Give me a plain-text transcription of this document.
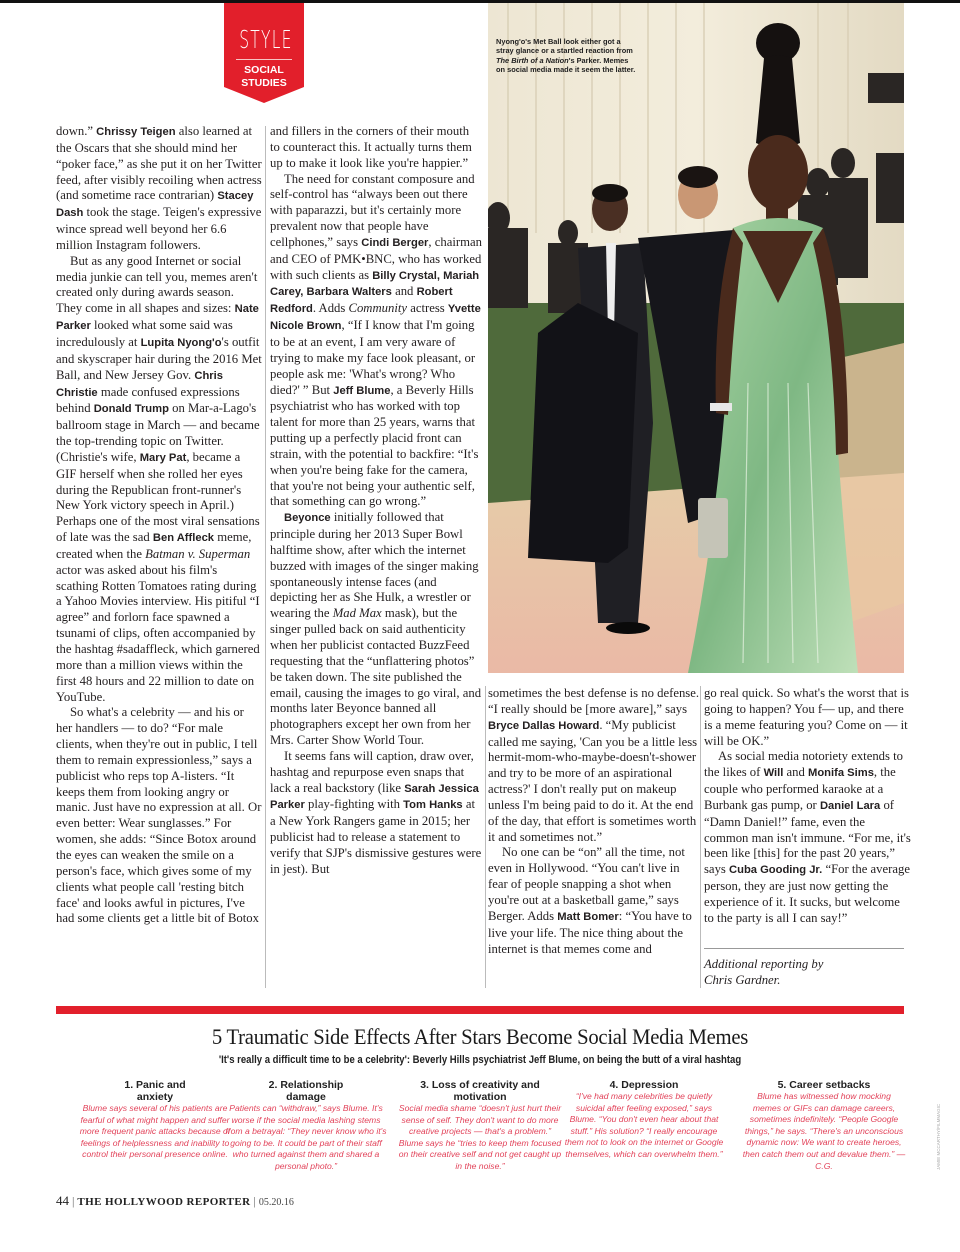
STYLE
SOCIAL STUDIES
Nyong'o's Met Ball look either got a stray glance or a startled reaction from The Birth of a Nation's Parker. Memes on social media made it seem the latter.

down.” Chrissy Teigen also learned at the Oscars that she should mind her “poker face,” as she put it on her Twitter feed, after visibly recoiling when actress (and sometime race contrarian) Stacey Dash took the stage. Teigen's expressive wince spread well beyond her 6.6 million Instagram followers.

But as any good Internet or social media junkie can tell you, memes aren't created only during awards season. They come in all shapes and sizes: Nate Parker looked what some said was incredulously at Lupita Nyong'o's outfit and skyscraper hair during the 2016 Met Ball, and New Jersey Gov. Chris Christie made confused expressions behind Donald Trump on Mar-a-Lago's ballroom stage in March — and became the top-trending topic on Twitter. (Christie's wife, Mary Pat, became a GIF herself when she rolled her eyes during the Republican front-runner's New York victory speech in April.) Perhaps one of the most viral sensations of late was the sad Ben Affleck meme, created when the Batman v. Superman actor was asked about his film's scathing Rotten Tomatoes rating during a Yahoo Movies interview. His pitiful “I agree” and forlorn face spawned a tsunami of clips, often accompanied by the hashtag #sadaffleck, which garnered more than a million views within the first 48 hours and 22 million to date on YouTube.

So what's a celebrity — and his or her handlers — to do? “For male clients, when they're out in public, I tell them to remain expressionless,” says a publicist who reps top A-listers. “It keeps them from looking angry or manic. Just have no expression at all. Or even better: Wear sunglasses.” For women, she adds: “Since Botox around the eyes can weaken the smile on a person's face, which gives some of my clients what people call 'resting bitch face' and looks awful in pictures, I've had some clients get a little bit of Botox

and fillers in the corners of their mouth to counteract this. It actually turns them up to make it look like you're happier.”

The need for constant composure and self-control has “always been out there with paparazzi, but it's certainly more prevalent now that people have cellphones,” says Cindi Berger, chairman and CEO of PMK•BNC, who has worked with such clients as Billy Crystal, Mariah Carey, Barbara Walters and Robert Redford. Adds Community actress Yvette Nicole Brown, “If I know that I'm going to be at an event, I am very aware of trying to make my face look pleasant, or people ask me: 'What's wrong? Who died?' ” But Jeff Blume, a Beverly Hills psychiatrist who has worked with top talent for more than 25 years, warns that putting up a perfectly placid front can strain, with the potential to backfire: “It's when you're being fake for the camera, that you're not being your authentic self, that something can go wrong.”

Beyonce initially followed that principle during her 2013 Super Bowl halftime show, after which the internet buzzed with images of the singer making spontaneously intense faces (and depicting her as She Hulk, a wrestler or wearing the Mad Max mask), but the singer pulled back on said authenticity when her publicist contacted BuzzFeed requesting that the “unflattering photos” be taken down. The site published the email, causing the images to go viral, and months later Beyonce banned all photographers except her own from her Mrs. Carter Show World Tour.

It seems fans will caption, draw over, hashtag and repurpose even snaps that lack a real backstory (like Sarah Jessica Parker play-fighting with Tom Hanks at a New York Rangers game in 2015; her publicist had to release a statement to verify that SJP's dismissive gestures were in jest). But

sometimes the best defense is no defense. “I really should be [more aware],” says Bryce Dallas Howard. “My publicist called me saying, 'Can you be a little less hermit-mom-who-maybe-doesn't-shower and try to be more of an aspirational actress?' I don't really put on makeup unless I'm being paid to do it. At the end of the day, that effort is sometimes worth it and sometimes not.”

No one can be “on” all the time, not even in Hollywood. “You can't live in fear of people snapping a shot when you're out at a basketball game,” says Berger. Adds Matt Bomer: “You have to live your life. The nice thing about the internet is that memes come and

go real quick. So what's the worst that is going to happen? You f— up, and there is a meme featuring you? Come on — it will be OK.”

As social media notoriety extends to the likes of Will and Monifa Sims, the couple who performed karaoke at a Burbank gas pump, or Daniel Lara of “Damn Daniel!” fame, even the common man isn't immune. “For me, it's been like [this] for the past 20 years,” says Cuba Gooding Jr. “For the average person, they are just now getting the experience of it. It sucks, but welcome to the party is all I can say!”

Additional reporting by Chris Gardner.
5 Traumatic Side Effects After Stars Become Social Media Memes
'It's really a difficult time to be a celebrity': Beverly Hills psychiatrist Jeff Blume, on being the butt of a viral hashtag
1. Panic and anxiety
Blume says several of his patients are fearful of what might happen and suffer more frequent panic attacks because of feelings of helplessness and inability to control their personal presence online.
2. Relationship damage
Patients can “withdraw,” says Blume. It's worse if the social media lashing stems from a betrayal: “They never know who it's going to be. It could be part of their staff who turned against them and shared a personal photo.”
3. Loss of creativity and motivation
Social media shame “doesn't just hurt their sense of self. They don't want to do more creative projects — that's a problem.” Blume says he “tries to keep them focused on their creative self and not get caught up in the noise.”
4. Depression
“I've had many celebrities be quietly suicidal after feeling exposed,” says Blume. “You don't even hear about that stuff.” His solution? “I really encourage them not to look on the internet or Google themselves, which can overwhelm them.”
5. Career setbacks
Blume has witnessed how mocking memes or GIFs can damage careers, sometimes indefinitely. “People Google things,” he says. “There's an unconscious dynamic now: We want to create heroes, then catch them out and devalue them.” — C.G.	JAMIE MCCARTHY/FILMMAGIC
44 | THE HOLLYWOOD REPORTER | 05.20.16
